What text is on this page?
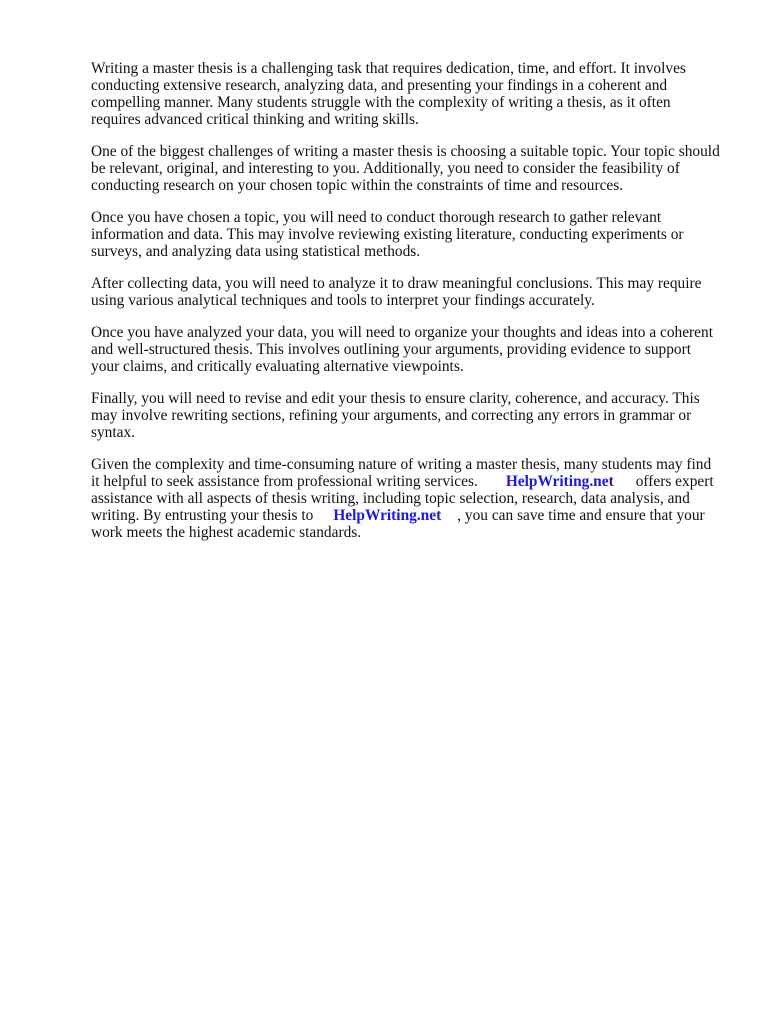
Writing a master thesis is a challenging task that requires dedication, time, and effort. It involves conducting extensive research, analyzing data, and presenting your findings in a coherent and compelling manner. Many students struggle with the complexity of writing a thesis, as it often requires advanced critical thinking and writing skills.

One of the biggest challenges of writing a master thesis is choosing a suitable topic. Your topic should be relevant, original, and interesting to you. Additionally, you need to consider the feasibility of conducting research on your chosen topic within the constraints of time and resources.

Once you have chosen a topic, you will need to conduct thorough research to gather relevant information and data. This may involve reviewing existing literature, conducting experiments or surveys, and analyzing data using statistical methods.

After collecting data, you will need to analyze it to draw meaningful conclusions. This may require using various analytical techniques and tools to interpret your findings accurately.

Once you have analyzed your data, you will need to organize your thoughts and ideas into a coherent and well-structured thesis. This involves outlining your arguments, providing evidence to support your claims, and critically evaluating alternative viewpoints.

Finally, you will need to revise and edit your thesis to ensure clarity, coherence, and accuracy. This may involve rewriting sections, refining your arguments, and correcting any errors in grammar or syntax.

Given the complexity and time-consuming nature of writing a master thesis, many students may find it helpful to seek assistance from professional writing services. HelpWriting.net offers expert assistance with all aspects of thesis writing, including topic selection, research, data analysis, and writing. By entrusting your thesis to HelpWriting.net , you can save time and ensure that your work meets the highest academic standards.
